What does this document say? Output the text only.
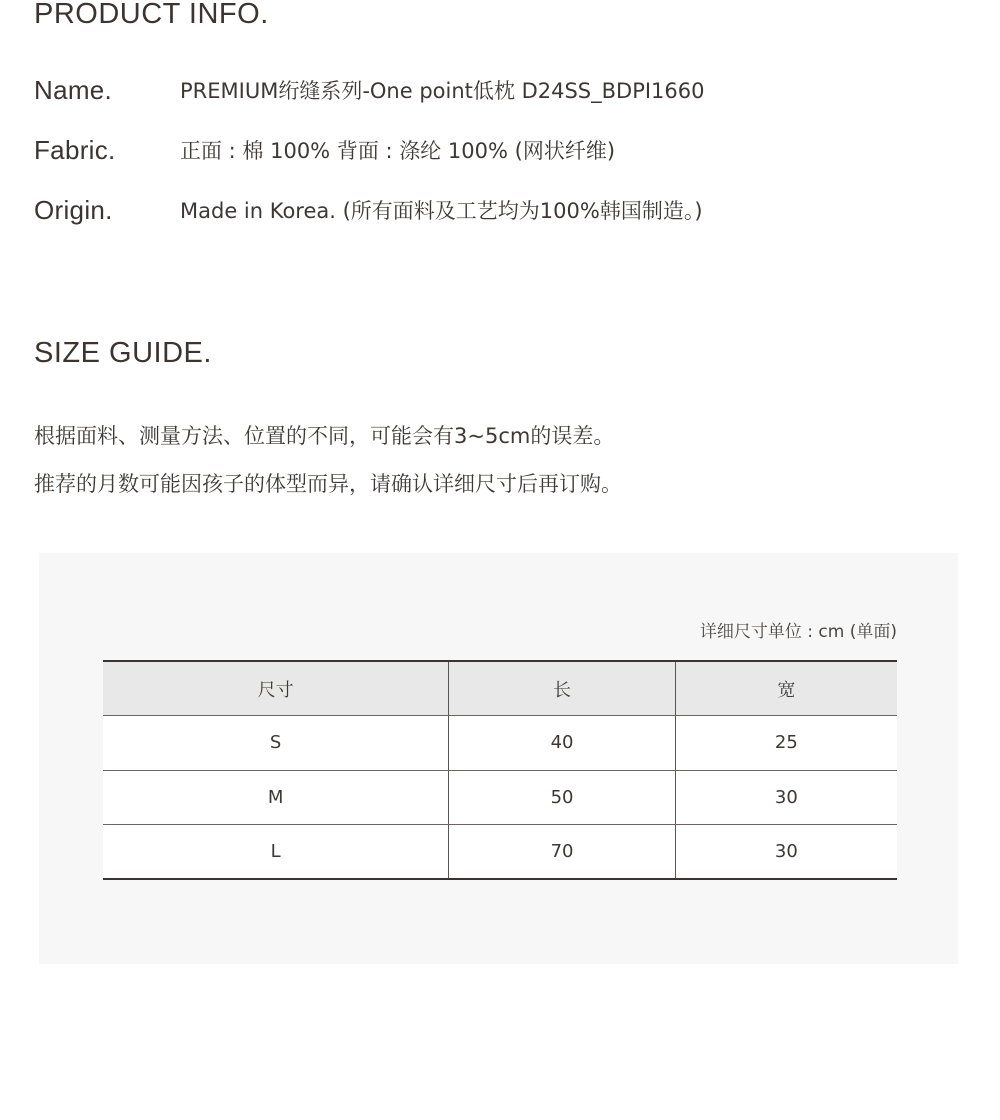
PRODUCT INFO.
Name.	PREMIUM绗缝系列-One point低枕 D24SS_BDPI1660
Fabric.	正面 : 棉 100% 背面 : 涤纶 100% (网状纤维)
Origin.	Made in Korea. (所有面料及工艺均为100%韩国制造。)
SIZE GUIDE.
根据面料、测量方法、位置的不同，可能会有3~5cm的误差。
推荐的月数可能因孩子的体型而异，请确认详细尺寸后再订购。
详细尺寸单位 : cm (单面)
尺寸	长	宽
S	40	25
M	50	30
L	70	30
